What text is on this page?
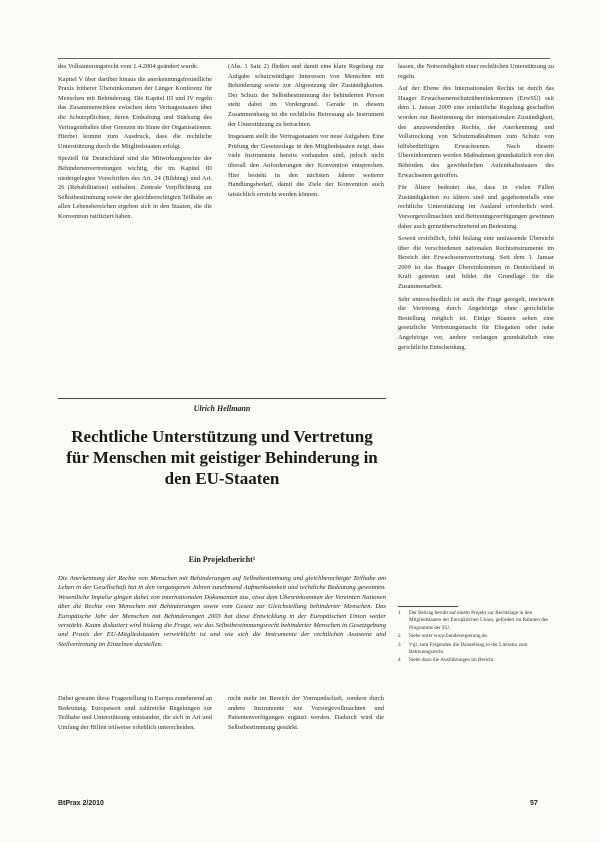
des Vollsanierungsrecht vom 1.4.2004 geändert wurde.

Kapitel V über darüber hinaus die anerkennungsfreundliche Praxis früherer Übereinkommen der Länger Konferenz für Menschen mit Behinderung. Die Kapitel III und IV regeln das Zusammenwirken zwischen dem Vertragsstaaten über die Schutzpflichten, deren Einhaltung und Stärkung des Vertragsinhaltes über Grenzen im Sinne der Organisationen. Hierbei kommt zum Ausdruck, dass die rechtliche Unterstützung durch die Mitgliedstaaten erfolgt.

Speziell für Deutschland sind die Mitwirkungsrechte der Behindertenvertretungen wichtig, die im Kapitel III niedergelegten Vorschriften des Art. 24 (Bildung) und Art. 26 (Rehabilitation) enthalten. Zentrale Verpflichtung zur Selbstbestimmung sowie der gleichberechtigten Teilhabe an allen Lebensbereichen ergeben sich in den Staaten, die die Konvention ratifiziert haben.

(Abs. 1 Satz 2) fließen und damit eine klare Regelung zur Aufgabe schutzwürdiger Interessen von Menschen mit Behinderung sowie zur Abgrenzung der Zuständigkeiten. Der Schutz der Selbstbestimmung der behinderten Person steht dabei im Vordergrund. Gerade in diesem Zusammenhang ist die rechtliche Betreuung als Instrument der Unterstützung zu betrachten.

Insgesamt stellt die Vertragsstaaten vor neue Aufgaben. Eine Prüfung der Gesetzeslage in den Mitgliedstaaten zeigt, dass viele Instrumente bereits vorhanden sind, jedoch nicht überall den Anforderungen der Konvention entsprechen. Hier besteht in den nächsten Jahren weiterer Handlungsbedarf, damit die Ziele der Konvention auch tatsächlich erreicht werden können.

lassen, die Notwendigkeit einer rechtlichen Unterstützung zu regeln.

Auf der Ebene des Internationalen Rechts ist durch das Haager Erwachsenenschutzübereinkommen (ErwSÜ) seit dem 1. Januar 2009 eine einheitliche Regelung geschaffen worden zur Bestimmung der internationalen Zuständigkeit, des anzuwendenden Rechts, der Anerkennung und Vollstreckung von Schutzmaßnahmen zum Schutz von hilfsbedürftigen Erwachsenen. Nach diesem Übereinkommen werden Maßnahmen grundsätzlich von den Behörden des gewöhnlichen Aufenthaltsstaates des Erwachsenen getroffen.

Für Ältere bedeutet das, dass in vielen Fällen Zuständigkeiten zu klären sind und gegebenenfalls eine rechtliche Unterstützung im Ausland erforderlich wird. Vorsorgevollmachten und Betreuungsverfügungen gewinnen daher auch grenzüberschreitend an Bedeutung.

Soweit ersichtlich, fehlt bislang eine umfassende Übersicht über die verschiedenen nationalen Rechtsinstrumente im Bereich der Erwachsenenvertretung. Seit dem 1. Januar 2009 ist das Haager Übereinkommen in Deutschland in Kraft getreten und bildet die Grundlage für die Zusammenarbeit.

Sehr unterschiedlich ist auch die Frage geregelt, inwieweit die Vertretung durch Angehörige ohne gerichtliche Bestellung möglich ist. Einige Staaten sehen eine gesetzliche Vertretungsmacht für Ehegatten oder nahe Angehörige vor, andere verlangen grundsätzlich eine gerichtliche Entscheidung.

Ulrich Hellmann
Rechtliche Unterstützung und Vertretung für Menschen mit geistiger Behinderung in den EU-Staaten
Ein Projektbericht¹
Die Anerkennung der Rechte von Menschen mit Behinderungen auf Selbstbestimmung und gleichberechtigte Teilhabe am Leben in der Gesellschaft hat in den vergangenen Jahren zunehmend Aufmerksamkeit und rechtliche Bedeutung gewonnen. Wesentliche Impulse gingen dabei von internationalen Dokumenten aus, etwa dem Übereinkommen der Vereinten Nationen über die Rechte von Menschen mit Behinderungen sowie vom Gesetz zur Gleichstellung behinderter Menschen. Das Europäische Jahr der Menschen mit Behinderungen 2003 hat diese Entwicklung in der Europäischen Union weiter verstärkt. Kaum diskutiert wird bislang die Frage, wie das Selbstbestimmungsrecht behinderter Menschen in Gesetzgebung und Praxis der EU-Mitgliedstaaten verwirklicht ist und wie sich die Instrumente der rechtlichen Assistenz und Stellvertretung im Einzelnen darstellen.

Dabei gewann diese Fragestellung in Europa zunehmend an Bedeutung. Europaweit sind zahlreiche Regelungen zur Teilhabe und Unterstützung entstanden, die sich in Art und Umfang der Hilfen teilweise erheblich unterscheiden.

nicht mehr im Bereich der Vormundschaft, sondern durch andere Instrumente wie Vorsorgevollmachten und Patientenverfügungen ergänzt werden. Dadurch wird die Selbstbestimmung gestärkt.

1	Der Beitrag beruht auf einem Projekt zur Rechtslage in den Mitgliedstaaten der Europäischen Union, gefördert im Rahmen des Programms der EU.
2	Siehe unter www.bundesregierung.de.
3	Vgl. zum Folgenden die Darstellung in der Literatur zum Betreuungsrecht.
4	Siehe dazu die Ausführungen im Bericht.
BtPrax 2/2010	57
